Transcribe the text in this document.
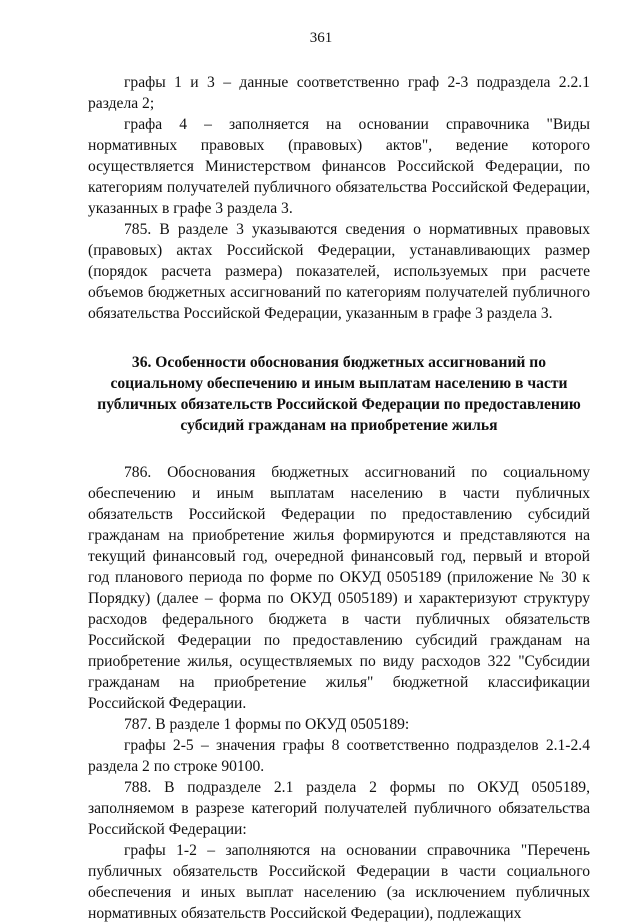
361

графы 1 и 3 – данные соответственно граф 2-3 подраздела 2.2.1 раздела 2;

графа 4 – заполняется на основании справочника "Виды нормативных правовых (правовых) актов", ведение которого осуществляется Министерством финансов Российской Федерации, по категориям получателей публичного обязательства Российской Федерации, указанных в графе 3 раздела 3.

785. В разделе 3 указываются сведения о нормативных правовых (правовых) актах Российской Федерации, устанавливающих размер (порядок расчета размера) показателей, используемых при расчете объемов бюджетных ассигнований по категориям получателей публичного обязательства Российской Федерации, указанным в графе 3 раздела 3.

36. Особенности обоснования бюджетных ассигнований по
социальному обеспечению и иным выплатам населению в части
публичных обязательств Российской Федерации по предоставлению
субсидий гражданам на приобретение жилья

786. Обоснования бюджетных ассигнований по социальному обеспечению и иным выплатам населению в части публичных обязательств Российской Федерации по предоставлению субсидий гражданам на приобретение жилья формируются и представляются на текущий финансовый год, очередной финансовый год, первый и второй год планового периода по форме по ОКУД 0505189 (приложение № 30 к Порядку) (далее – форма по ОКУД 0505189) и характеризуют структуру расходов федерального бюджета в части публичных обязательств Российской Федерации по предоставлению субсидий гражданам на приобретение жилья, осуществляемых по виду расходов 322 "Субсидии гражданам на приобретение жилья" бюджетной классификации Российской Федерации.

787. В разделе 1 формы по ОКУД 0505189:

графы 2-5 – значения графы 8 соответственно подразделов 2.1-2.4 раздела 2 по строке 90100.

788. В подразделе 2.1 раздела 2 формы по ОКУД 0505189, заполняемом в разрезе категорий получателей публичного обязательства Российской Федерации:

графы 1-2 – заполняются на основании справочника "Перечень публичных обязательств Российской Федерации в части социального обеспечения и иных выплат населению (за исключением публичных нормативных обязательств Российской Федерации), подлежащих
